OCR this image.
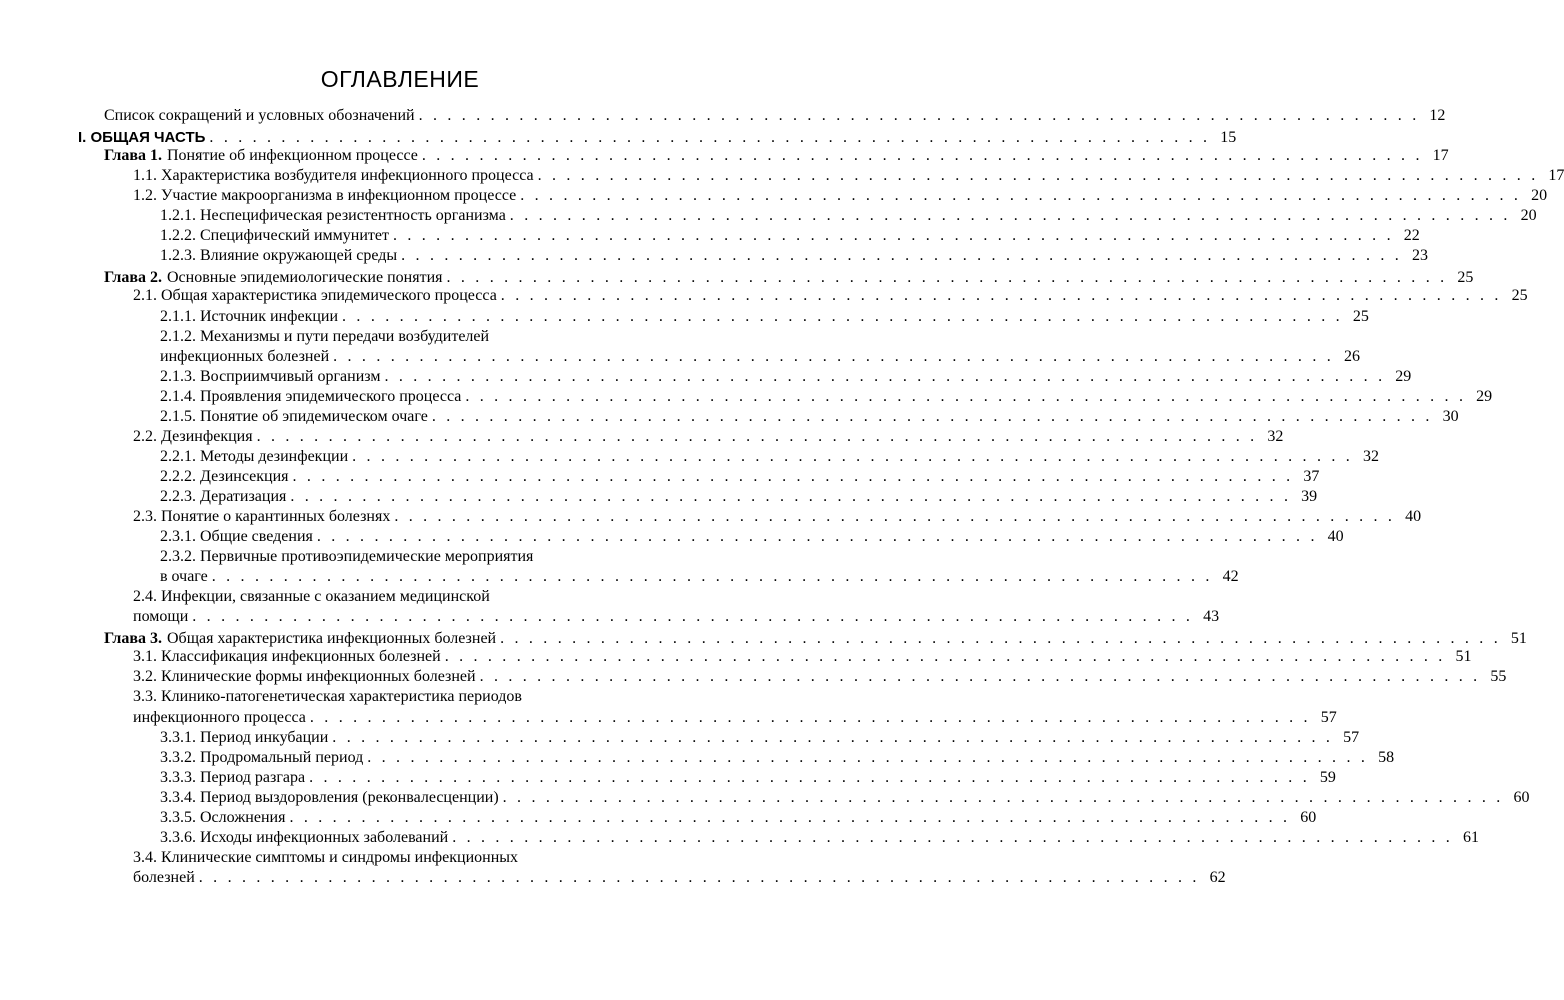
ОГЛАВЛЕНИЕ
Список сокращений и условных обозначений . . . . . . . . . . . . . . . . . . . . . . . . . . . . . . . . . . . . . . . . . . . . . . . . . . . . . . . . . . . . . . . . . . . . . . 12
I. ОБЩАЯ ЧАСТЬ . . . . . . . . . . . . . . . . . . . . . . . . . . . . . . . . . . . . . . . . . . . . . . . . . . . . . . . . . . . . . . . . . . . . . . 15
Глава 1. Понятие об инфекционном процессе . . . . . . . . . . . . . . . . . . . . . . . . . . . . . . . . . . . . . . . . . . . . . . . . . . . . . . . . . . . . . . . . . . . . . . 17
1.1. Характеристика возбудителя инфекционного процесса . . . . . . . . . . . . . . . . . . . . . . . . . . . . . . . . . . . . . . . . . . . . . . . . . . . . . . . . . . . . . . . . . . . . . . 17
1.2. Участие макроорганизма в инфекционном процессе . . . . . . . . . . . . . . . . . . . . . . . . . . . . . . . . . . . . . . . . . . . . . . . . . . . . . . . . . . . . . . . . . . . . . . 20
1.2.1. Неспецифическая резистентность организма . . . . . . . . . . . . . . . . . . . . . . . . . . . . . . . . . . . . . . . . . . . . . . . . . . . . . . . . . . . . . . . . . . . . . . 20
1.2.2. Специфический иммунитет . . . . . . . . . . . . . . . . . . . . . . . . . . . . . . . . . . . . . . . . . . . . . . . . . . . . . . . . . . . . . . . . . . . . . . 22
1.2.3. Влияние окружающей среды . . . . . . . . . . . . . . . . . . . . . . . . . . . . . . . . . . . . . . . . . . . . . . . . . . . . . . . . . . . . . . . . . . . . . . 23
Глава 2. Основные эпидемиологические понятия . . . . . . . . . . . . . . . . . . . . . . . . . . . . . . . . . . . . . . . . . . . . . . . . . . . . . . . . . . . . . . . . . . . . . . 25
2.1. Общая характеристика эпидемического процесса . . . . . . . . . . . . . . . . . . . . . . . . . . . . . . . . . . . . . . . . . . . . . . . . . . . . . . . . . . . . . . . . . . . . . . 25
2.1.1. Источник инфекции . . . . . . . . . . . . . . . . . . . . . . . . . . . . . . . . . . . . . . . . . . . . . . . . . . . . . . . . . . . . . . . . . . . . . . 25
2.1.2. Механизмы и пути передачи возбудителей
инфекционных болезней . . . . . . . . . . . . . . . . . . . . . . . . . . . . . . . . . . . . . . . . . . . . . . . . . . . . . . . . . . . . . . . . . . . . . . 26
2.1.3. Восприимчивый организм . . . . . . . . . . . . . . . . . . . . . . . . . . . . . . . . . . . . . . . . . . . . . . . . . . . . . . . . . . . . . . . . . . . . . . 29
2.1.4. Проявления эпидемического процесса . . . . . . . . . . . . . . . . . . . . . . . . . . . . . . . . . . . . . . . . . . . . . . . . . . . . . . . . . . . . . . . . . . . . . . 29
2.1.5. Понятие об эпидемическом очаге . . . . . . . . . . . . . . . . . . . . . . . . . . . . . . . . . . . . . . . . . . . . . . . . . . . . . . . . . . . . . . . . . . . . . . 30
2.2. Дезинфекция . . . . . . . . . . . . . . . . . . . . . . . . . . . . . . . . . . . . . . . . . . . . . . . . . . . . . . . . . . . . . . . . . . . . . . 32
2.2.1. Методы дезинфекции . . . . . . . . . . . . . . . . . . . . . . . . . . . . . . . . . . . . . . . . . . . . . . . . . . . . . . . . . . . . . . . . . . . . . . 32
2.2.2. Дезинсекция . . . . . . . . . . . . . . . . . . . . . . . . . . . . . . . . . . . . . . . . . . . . . . . . . . . . . . . . . . . . . . . . . . . . . . 37
2.2.3. Дератизация . . . . . . . . . . . . . . . . . . . . . . . . . . . . . . . . . . . . . . . . . . . . . . . . . . . . . . . . . . . . . . . . . . . . . . 39
2.3. Понятие о карантинных болезнях . . . . . . . . . . . . . . . . . . . . . . . . . . . . . . . . . . . . . . . . . . . . . . . . . . . . . . . . . . . . . . . . . . . . . . 40
2.3.1. Общие сведения . . . . . . . . . . . . . . . . . . . . . . . . . . . . . . . . . . . . . . . . . . . . . . . . . . . . . . . . . . . . . . . . . . . . . . 40
2.3.2. Первичные противоэпидемические мероприятия
в очаге . . . . . . . . . . . . . . . . . . . . . . . . . . . . . . . . . . . . . . . . . . . . . . . . . . . . . . . . . . . . . . . . . . . . . . 42
2.4. Инфекции, связанные с оказанием медицинской
помощи . . . . . . . . . . . . . . . . . . . . . . . . . . . . . . . . . . . . . . . . . . . . . . . . . . . . . . . . . . . . . . . . . . . . . . 43
Глава 3. Общая характеристика инфекционных болезней . . . . . . . . . . . . . . . . . . . . . . . . . . . . . . . . . . . . . . . . . . . . . . . . . . . . . . . . . . . . . . . . . . . . . . 51
3.1. Классификация инфекционных болезней . . . . . . . . . . . . . . . . . . . . . . . . . . . . . . . . . . . . . . . . . . . . . . . . . . . . . . . . . . . . . . . . . . . . . . 51
3.2. Клинические формы инфекционных болезней . . . . . . . . . . . . . . . . . . . . . . . . . . . . . . . . . . . . . . . . . . . . . . . . . . . . . . . . . . . . . . . . . . . . . . 55
3.3. Клинико-патогенетическая характеристика периодов
инфекционного процесса . . . . . . . . . . . . . . . . . . . . . . . . . . . . . . . . . . . . . . . . . . . . . . . . . . . . . . . . . . . . . . . . . . . . . . 57
3.3.1. Период инкубации . . . . . . . . . . . . . . . . . . . . . . . . . . . . . . . . . . . . . . . . . . . . . . . . . . . . . . . . . . . . . . . . . . . . . . 57
3.3.2. Продромальный период . . . . . . . . . . . . . . . . . . . . . . . . . . . . . . . . . . . . . . . . . . . . . . . . . . . . . . . . . . . . . . . . . . . . . . 58
3.3.3. Период разгара . . . . . . . . . . . . . . . . . . . . . . . . . . . . . . . . . . . . . . . . . . . . . . . . . . . . . . . . . . . . . . . . . . . . . . 59
3.3.4. Период выздоровления (реконвалесценции) . . . . . . . . . . . . . . . . . . . . . . . . . . . . . . . . . . . . . . . . . . . . . . . . . . . . . . . . . . . . . . . . . . . . . . 60
3.3.5. Осложнения . . . . . . . . . . . . . . . . . . . . . . . . . . . . . . . . . . . . . . . . . . . . . . . . . . . . . . . . . . . . . . . . . . . . . . 60
3.3.6. Исходы инфекционных заболеваний . . . . . . . . . . . . . . . . . . . . . . . . . . . . . . . . . . . . . . . . . . . . . . . . . . . . . . . . . . . . . . . . . . . . . . 61
3.4. Клинические симптомы и синдромы инфекционных
болезней . . . . . . . . . . . . . . . . . . . . . . . . . . . . . . . . . . . . . . . . . . . . . . . . . . . . . . . . . . . . . . . . . . . . . . 62
